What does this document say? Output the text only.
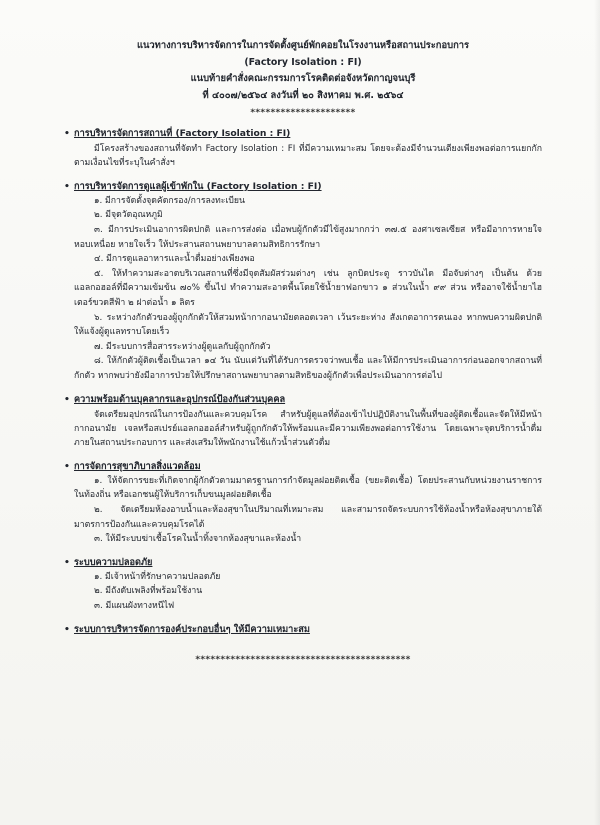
แนวทางการบริหารจัดการในการจัดตั้งศูนย์พักคอยในโรงงานหรือสถานประกอบการ

(Factory Isolation : FI)

แนบท้ายคำสั่งคณะกรรมการโรคติดต่อจังหวัดกาญจนบุรี

ที่ ๔๐๐๗/๒๕๖๔ ลงวันที่ ๒๐ สิงหาคม พ.ศ. ๒๕๖๔

*********************
• การบริหารจัดการสถานที่ (Factory Isolation : FI)

มีโครงสร้างของสถานที่จัดทำ Factory Isolation : FI ที่มีความเหมาะสม โดยจะต้องมีจำนวนเตียงเพียงพอต่อการแยกกัก ตามเงื่อนไขที่ระบุในคำสั่งฯ

• การบริหารจัดการดูแลผู้เข้าพักใน (Factory Isolation : FI)

๑. มีการจัดตั้งจุดคัดกรอง/การลงทะเบียน

๒. มีจุดวัดอุณหภูมิ

๓. มีการประเมินอาการผิดปกติ และการส่งต่อ เมื่อพบผู้กักตัวมีไข้สูงมากกว่า ๓๗.๕ องศาเซลเซียส หรือมีอาการหายใจหอบเหนื่อย หายใจเร็ว ให้ประสานสถานพยาบาลตามสิทธิการรักษา

๔. มีการดูแลอาหารและน้ำดื่มอย่างเพียงพอ

๕. ให้ทำความสะอาดบริเวณสถานที่ซึ่งมีจุดสัมผัสร่วมต่างๆ เช่น ลูกบิดประตู ราวบันได มือจับต่างๆ เป็นต้น ด้วยแอลกอฮอล์ที่มีความเข้มข้น ๗๐% ขึ้นไป ทำความสะอาดพื้นโดยใช้น้ำยาฟอกขาว ๑ ส่วนในน้ำ ๙๙ ส่วน หรืออาจใช้น้ำยาไฮเตอร์ขวดสีฟ้า ๒ ฝาต่อน้ำ ๑ ลิตร

๖. ระหว่างกักตัวของผู้ถูกกักตัวให้สวมหน้ากากอนามัยตลอดเวลา เว้นระยะห่าง สังเกตอาการตนเอง หากพบความผิดปกติให้แจ้งผู้ดูแลทราบโดยเร็ว

๗. มีระบบการสื่อสารระหว่างผู้ดูแลกับผู้ถูกกักตัว

๘. ให้กักตัวผู้ติดเชื้อเป็นเวลา ๑๔ วัน นับแต่วันที่ได้รับการตรวจว่าพบเชื้อ และให้มีการประเมินอาการก่อนออกจากสถานที่กักตัว หากพบว่ายังมีอาการป่วยให้ปรึกษาสถานพยาบาลตามสิทธิของผู้กักตัวเพื่อประเมินอาการต่อไป

• ความพร้อมด้านบุคลากรและอุปกรณ์ป้องกันส่วนบุคคล

จัดเตรียมอุปกรณ์ในการป้องกันและควบคุมโรค สำหรับผู้ดูแลที่ต้องเข้าไปปฏิบัติงานในพื้นที่ของผู้ติดเชื้อและจัดให้มีหน้ากากอนามัย เจลหรือสเปรย์แอลกอฮอล์สำหรับผู้ถูกกักตัวให้พร้อมและมีความเพียงพอต่อการใช้งาน โดยเฉพาะจุดบริการน้ำดื่มภายในสถานประกอบการ และส่งเสริมให้พนักงานใช้แก้วน้ำส่วนตัวดื่ม

• การจัดการสุขาภิบาลสิ่งแวดล้อม

๑. ให้จัดการขยะที่เกิดจากผู้กักตัวตามมาตรฐานการกำจัดมูลฝอยติดเชื้อ (ขยะติดเชื้อ) โดยประสานกับหน่วยงานราชการในท้องถิ่น หรือเอกชนผู้ให้บริการเก็บขนมูลฝอยติดเชื้อ

๒. จัดเตรียมห้องอาบน้ำและห้องสุขาในปริมาณที่เหมาะสม และสามารถจัดระบบการใช้ห้องน้ำหรือห้องสุขาภายใต้มาตรการป้องกันและควบคุมโรคได้

๓. ให้มีระบบฆ่าเชื้อโรคในน้ำทิ้งจากห้องสุขาและห้องน้ำ

• ระบบความปลอดภัย

๑. มีเจ้าหน้าที่รักษาความปลอดภัย

๒. มีถังดับเพลิงที่พร้อมใช้งาน

๓. มีแผนผังทางหนีไฟ

• ระบบการบริหารจัดการองค์ประกอบอื่นๆ ให้มีความเหมาะสม
*******************************************
